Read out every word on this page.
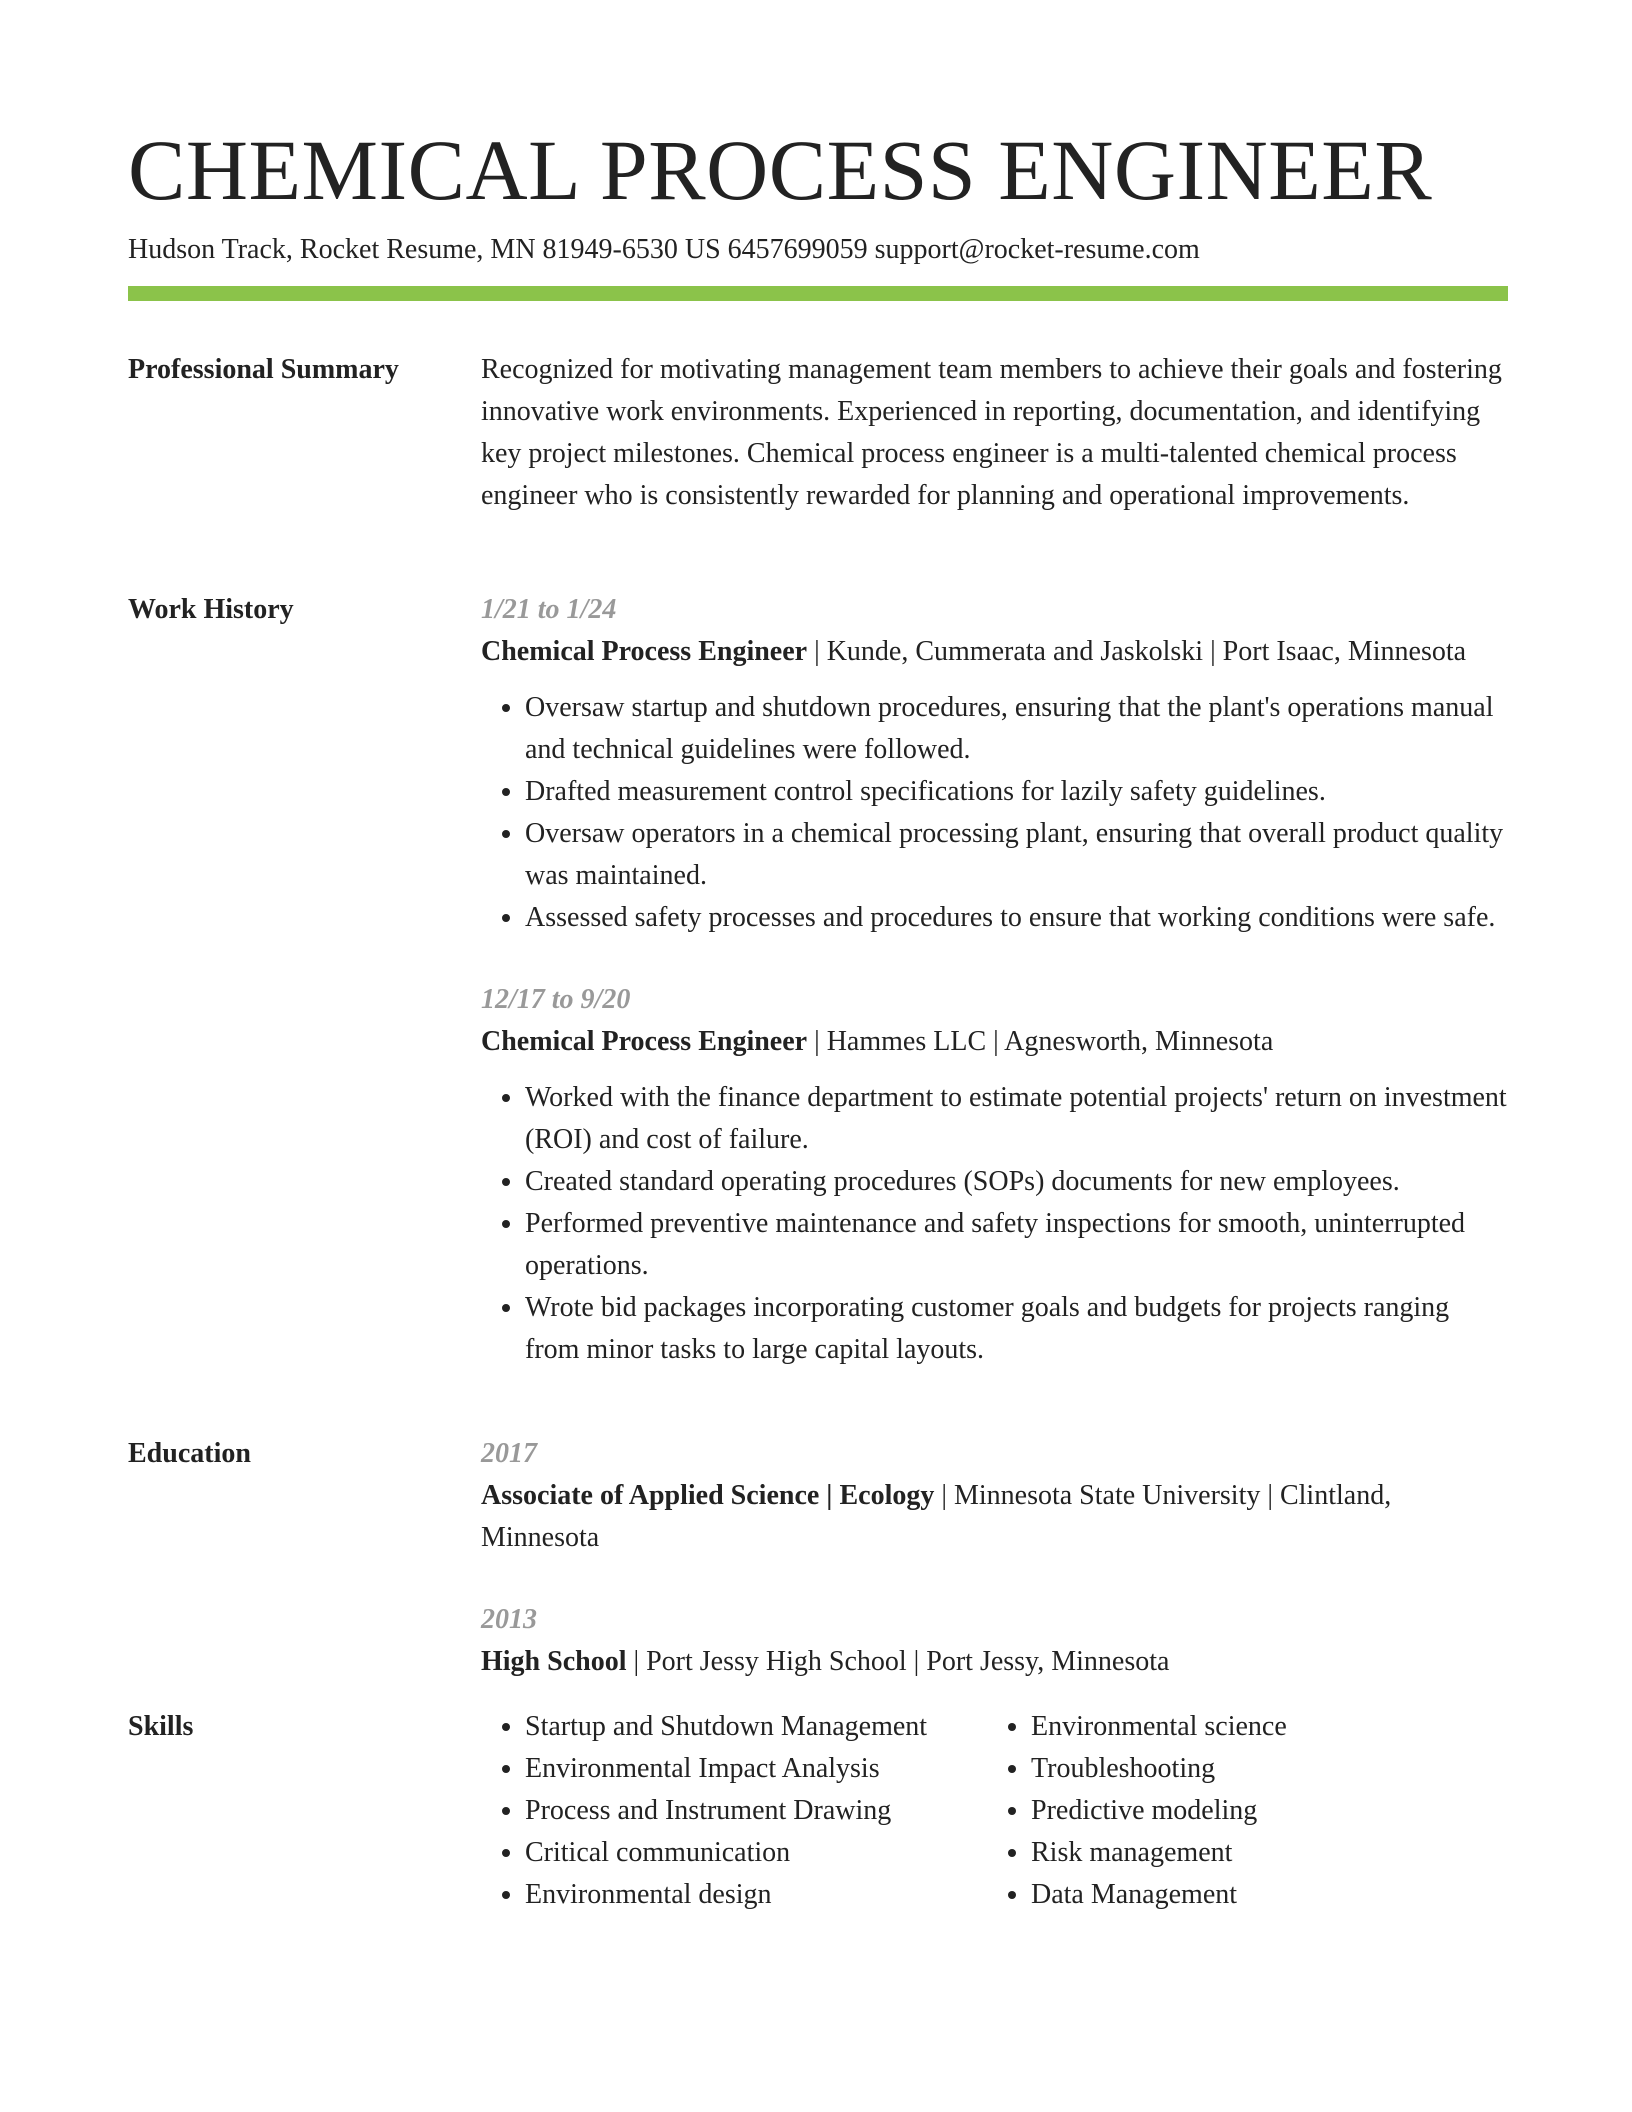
CHEMICAL PROCESS ENGINEER
Hudson Track, Rocket Resume, MN 81949-6530 US 6457699059 support@rocket-resume.com
Professional Summary	Recognized for motivating management team members to achieve their goals and fostering innovative work environments. Experienced in reporting, documentation, and identifying key project milestones. Chemical process engineer is a multi-talented chemical process engineer who is consistently rewarded for planning and operational improvements.

Work History	1/21 to 1/24

Chemical Process Engineer | Kunde, Cummerata and Jaskolski | Port Isaac, Minnesota

• Oversaw startup and shutdown procedures, ensuring that the plant's operations manual and technical guidelines were followed.
• Drafted measurement control specifications for lazily safety guidelines.
• Oversaw operators in a chemical processing plant, ensuring that overall product quality was maintained.
• Assessed safety processes and procedures to ensure that working conditions were safe.

12/17 to 9/20

Chemical Process Engineer | Hammes LLC | Agnesworth, Minnesota

• Worked with the finance department to estimate potential projects' return on investment (ROI) and cost of failure.
• Created standard operating procedures (SOPs) documents for new employees.
• Performed preventive maintenance and safety inspections for smooth, uninterrupted operations.
• Wrote bid packages incorporating customer goals and budgets for projects ranging from minor tasks to large capital layouts.
Education	2017

Associate of Applied Science | Ecology | Minnesota State University | Clintland, Minnesota

2013

High School | Port Jessy High School | Port Jessy, Minnesota

Skills
•	Startup and Shutdown Management
• Environmental Impact Analysis
• Process and Instrument Drawing
• Critical communication
• Environmental design
• Environmental science
• Troubleshooting
• Predictive modeling
• Risk management
• Data Management
